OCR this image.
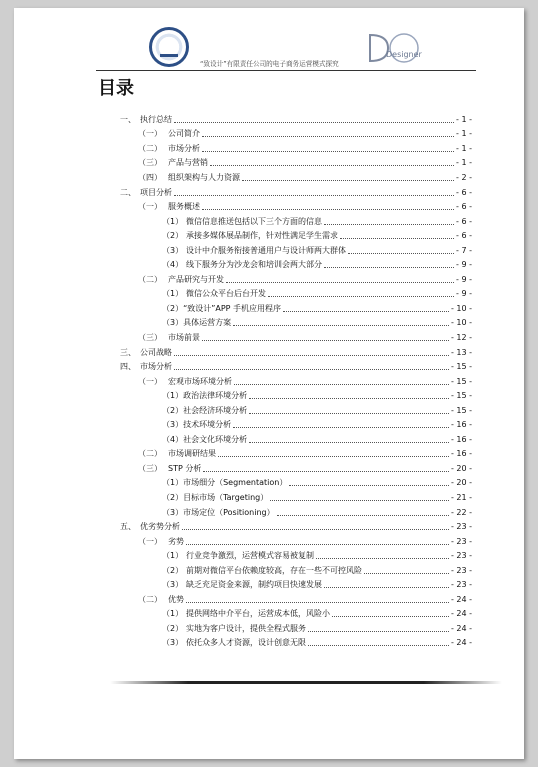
Designer
“致设计”有限责任公司的电子商务运营模式探究
目录
一、 执行总结	- 1 -
（一） 公司简介	- 1 -
（二） 市场分析	- 1 -
（三） 产品与营销	- 1 -
（四） 组织架构与人力资源	- 2 -
二、 项目分析	- 6 -
（一） 服务概述	- 6 -
（1） 微信信息推送包括以下三个方面的信息	- 6 -
（2） 承接多媒体展品制作，针对性满足学生需求	- 6 -
（3） 设计中介服务衔接普通用户与设计师两大群体	- 7 -
（4） 线下服务分为沙龙会和培训会两大部分	- 9 -
（二） 产品研究与开发	- 9 -
（1） 微信公众平台后台开发	- 9 -
（2） “致设计”APP 手机应用程序	- 10 -
（3） 具体运营方案	- 10 -
（三） 市场前景	- 12 -
三、 公司战略	- 13 -
四、 市场分析	- 15 -
（一） 宏观市场环境分析	- 15 -
（1） 政治法律环境分析	- 15 -
（2） 社会经济环境分析	- 15 -
（3） 技术环境分析	- 16 -
（4） 社会文化环境分析	- 16 -
（二） 市场调研结果	- 16 -
（三） STP 分析	- 20 -
（1） 市场细分（Segmentation）	- 20 -
（2） 目标市场（Targeting）	- 21 -
（3） 市场定位（Positioning）	- 22 -
五、 优劣势分析	- 23 -
（一） 劣势	- 23 -
（1） 行业竞争激烈，运营模式容易被复制	- 23 -
（2） 前期对微信平台依赖度较高，存在一些不可控风险	- 23 -
（3） 缺乏充足资金来源，制约项目快速发展	- 23 -
（二） 优势	- 24 -
（1） 提供网络中介平台，运营成本低，风险小	- 24 -
（2） 实地为客户设计，提供全程式服务	- 24 -
（3） 依托众多人才资源，设计创意无限	- 24 -
